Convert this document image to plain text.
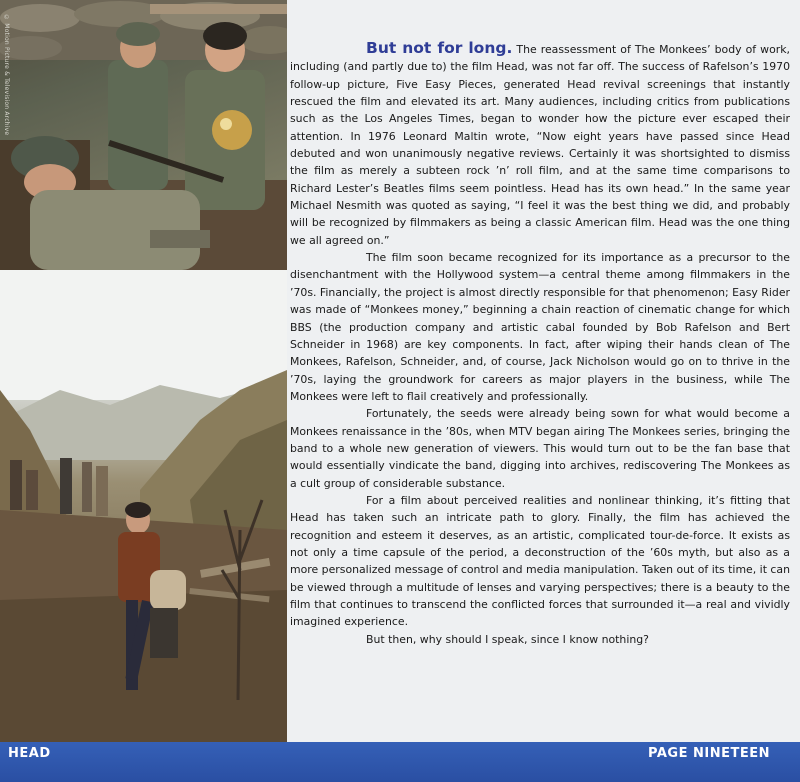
© Motion Picture & Television Archive	But not for long. The reassessment of The Monkees’ body of work, including (and partly due to) the film Head, was not far off. The success of Rafelson’s 1970 follow-up picture, Five Easy Pieces, generated Head revival screenings that instantly rescued the film and elevated its art. Many audiences, including critics from publications such as the Los Angeles Times, began to wonder how the picture ever escaped their attention. In 1976 Leonard Maltin wrote, “Now eight years have passed since Head debuted and won unanimously negative reviews. Certainly it was shortsighted to dismiss the film as merely a subteen rock ’n’ roll film, and at the same time comparisons to Richard Lester’s Beatles films seem pointless. Head has its own head.” In the same year Michael Nesmith was quoted as saying, “I feel it was the best thing we did, and probably will be recognized by filmmakers as being a classic American film. Head was the one thing we all agreed on.”

The film soon became recognized for its importance as a precursor to the disenchantment with the Hollywood system—a central theme among filmmakers in the ’70s. Financially, the project is almost directly responsible for that phenomenon; Easy Rider was made of “Monkees money,” beginning a chain reaction of cinematic change for which BBS (the production company and artistic cabal founded by Bob Rafelson and Bert Schneider in 1968) are key components. In fact, after wiping their hands clean of The Monkees, Rafelson, Schneider, and, of course, Jack Nicholson would go on to thrive in the ’70s, laying the groundwork for careers as major players in the business, while The Monkees were left to flail creatively and professionally.

Fortunately, the seeds were already being sown for what would become a Monkees renaissance in the ’80s, when MTV began airing The Monkees series, bringing the band to a whole new generation of viewers. This would turn out to be the fan base that would essentially vindicate the band, digging into archives, rediscovering The Monkees as a cult group of considerable substance.

For a film about perceived realities and nonlinear thinking, it’s fitting that Head has taken such an intricate path to glory. Finally, the film has achieved the recognition and esteem it deserves, as an artistic, complicated tour-de-force. It exists as not only a time capsule of the period, a deconstruction of the ’60s myth, but also as a more personalized message of control and media manipulation. Taken out of its time, it can be viewed through a multitude of lenses and varying perspectives; there is a beauty to the film that continues to transcend the conflicted forces that surrounded it—a real and vividly imagined experience.

But then, why should I speak, since I know nothing?

HEAD	PAGE NINETEEN
